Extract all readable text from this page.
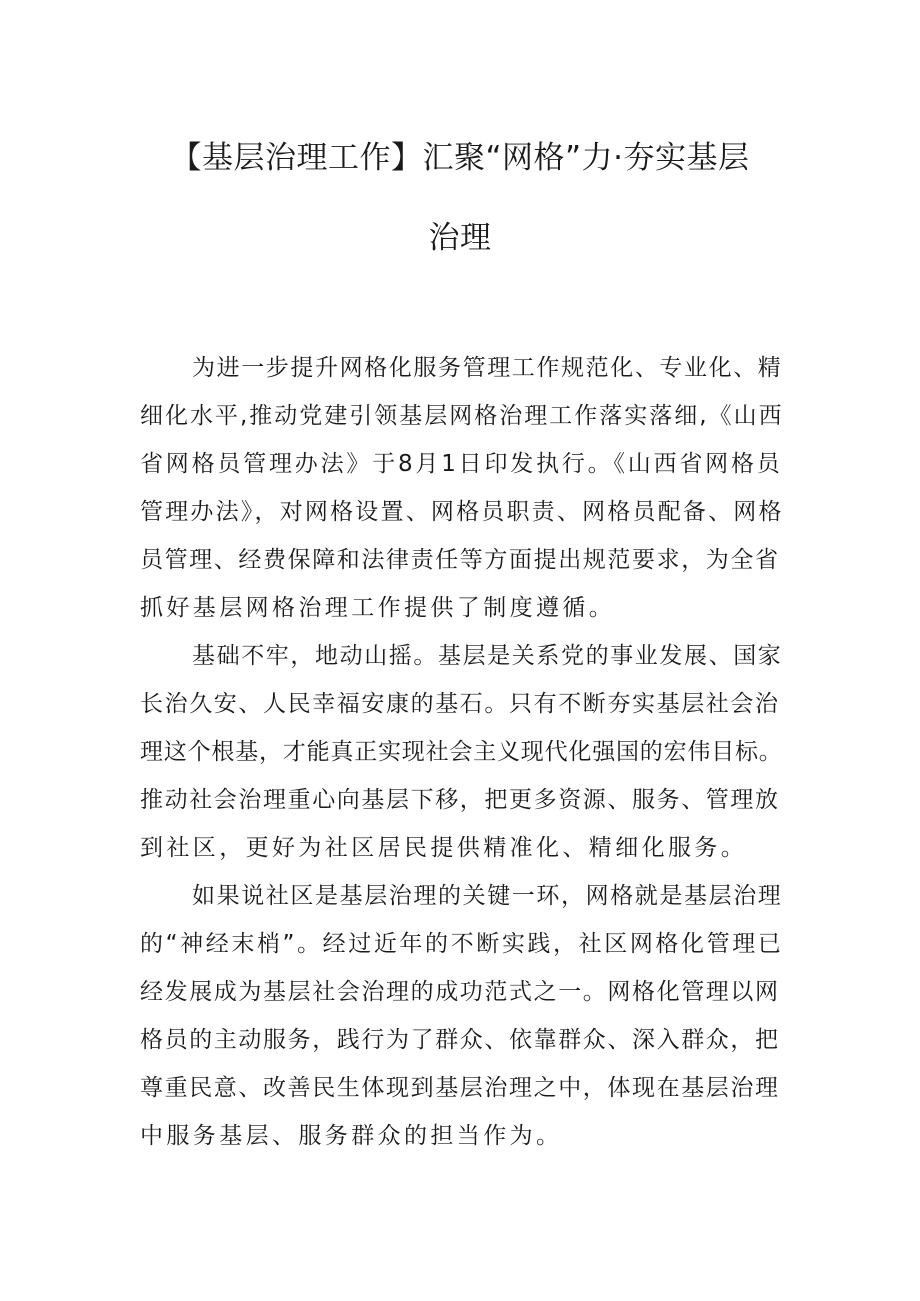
【基层治理工作】汇聚“网格”力·夯实基层
治理
为进一步提升网格化服务管理工作规范化、专业化、精
细化水平,推动党建引领基层网格治理工作落实落细,《山西
省网格员管理办法》于8月1日印发执行。《山西省网格员
管理办法》，对网格设置、网格员职责、网格员配备、网格
员管理、经费保障和法律责任等方面提出规范要求，为全省
抓好基层网格治理工作提供了制度遵循。
基础不牢，地动山摇。基层是关系党的事业发展、国家
长治久安、人民幸福安康的基石。只有不断夯实基层社会治
理这个根基，才能真正实现社会主义现代化强国的宏伟目标。
推动社会治理重心向基层下移，把更多资源、服务、管理放
到社区，更好为社区居民提供精准化、精细化服务。
如果说社区是基层治理的关键一环，网格就是基层治理
的“神经末梢”。经过近年的不断实践，社区网格化管理已
经发展成为基层社会治理的成功范式之一。网格化管理以网
格员的主动服务，践行为了群众、依靠群众、深入群众，把
尊重民意、改善民生体现到基层治理之中，体现在基层治理
中服务基层、服务群众的担当作为。
